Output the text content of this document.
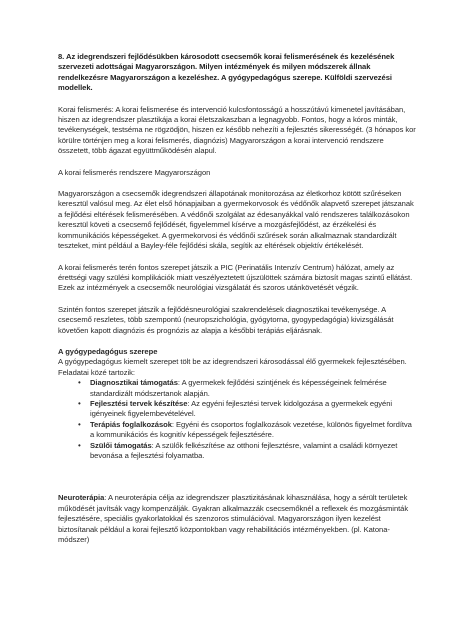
8. Az idegrendszeri fejlődésükben károsodott csecsemők korai felismerésének és kezelésének szervezeti adottságai Magyarországon. Milyen intézmények és milyen módszerek állnak rendelkezésre Magyarországon a kezeléshez. A gyógypedagógus szerepe. Külföldi szervezési modellek.

Korai felismerés: A korai felismerése és intervenció kulcsfontosságú a hosszútávú kimenetel javításában, hiszen az idegrendszer plasztikája a korai életszakaszban a legnagyobb. Fontos, hogy a kóros minták, tevékenységek, testséma ne rögzödjön, hiszen ez később nehezíti a fejlesztés sikerességét. (3 hónapos kor körülre történjen meg a korai felismerés, diagnózis) Magyarországon a korai intervenció rendszere összetett, több ágazat együttműködésén alapul.

A korai felismerés rendszere Magyarországon

Magyarországon a csecsemők idegrendszeri állapotának monitorozása az életkorhoz kötött szűréseken keresztül valósul meg. Az élet első hónapjaiban a gyermekorvosok és védőnők alapvető szerepet játszanak a fejlődési eltérések felismerésében. A védőnői szolgálat az édesanyákkal való rendszeres találkozásokon keresztül követi a csecsemő fejlődését, figyelemmel kísérve a mozgásfejlődést, az érzékelési és kommunikációs képességeket. A gyermekorvosi és védőnői szűrések során alkalmaznak standardizált teszteket, mint például a Bayley-féle fejlődési skála, segítik az eltérések objektív értékelését.

A korai felismerés terén fontos szerepet játszik a PIC (Perinatális Intenzív Centrum) hálózat, amely az érettségi vagy szülési komplikációk miatt veszélyeztetett újszülöttek számára biztosít magas szintű ellátást. Ezek az intézmények a csecsemők neurológiai vizsgálatát és szoros utánkövetését végzik.

Szintén fontos szerepet játszik a fejlődésneurológiai szakrendelések diagnosztikai tevékenysége. A csecsemő reszletes, több szempontú (neuropszichológia, gyógytorna, gyogypedagógia) kivizsgálását követően kapott diagnózis és prognózis az alapja a későbbi terápiás eljárásnak.

A gyógypedagógus szerepe

A gyógypedagógus kiemelt szerepet tölt be az idegrendszeri károsodással élő gyermekek fejlesztésében. Feladatai közé tartozik:

• Diagnosztikai támogatás: A gyermekek fejlődési szintjének és képességeinek felmérése standardizált módszertanok alapján.
• Fejlesztési tervek készítése: Az egyéni fejlesztési tervek kidolgozása a gyermekek egyéni igényeinek figyelembevételével.
• Terápiás foglalkozások: Egyéni és csoportos foglalkozások vezetése, különös figyelmet fordítva a kommunikációs és kognitív képességek fejlesztésére.
• Szülői támogatás: A szülők felkészítése az otthoni fejlesztésre, valamint a családi környezet bevonása a fejlesztési folyamatba.

Neuroterápia: A neuroterápia célja az idegrendszer plasztizitásának kihasználása, hogy a sérült területek működését javítsák vagy kompenzálják. Gyakran alkalmazzák csecsemőknél a reflexek és mozgásminták fejlesztésére, speciális gyakorlatokkal és szenzoros stimulációval. Magyarországon ilyen kezelést biztosítanak például a korai fejlesztő központokban vagy rehabilitációs intézményekben. (pl. Katona-módszer)
